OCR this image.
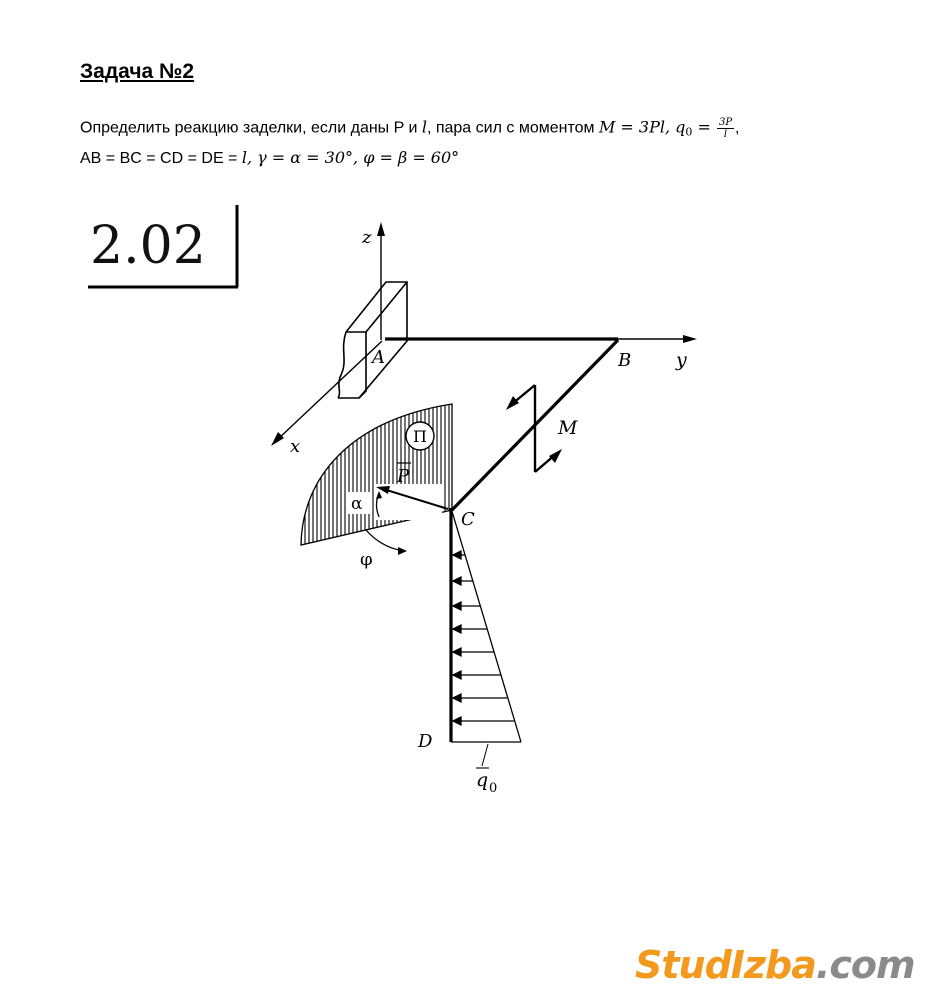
Задача №2
Определить реакцию заделки, если даны P и l, пара сил с моментом M = 3Pl, $q_0 = \frac{3P}{l}$ ,
AB = BC = CD = DE = l, γ = α = 30°, φ = β = 60°
2.02	z
y
x
A	B
M
П
P
α
φ
C
q 0
D
StudIzba.com
